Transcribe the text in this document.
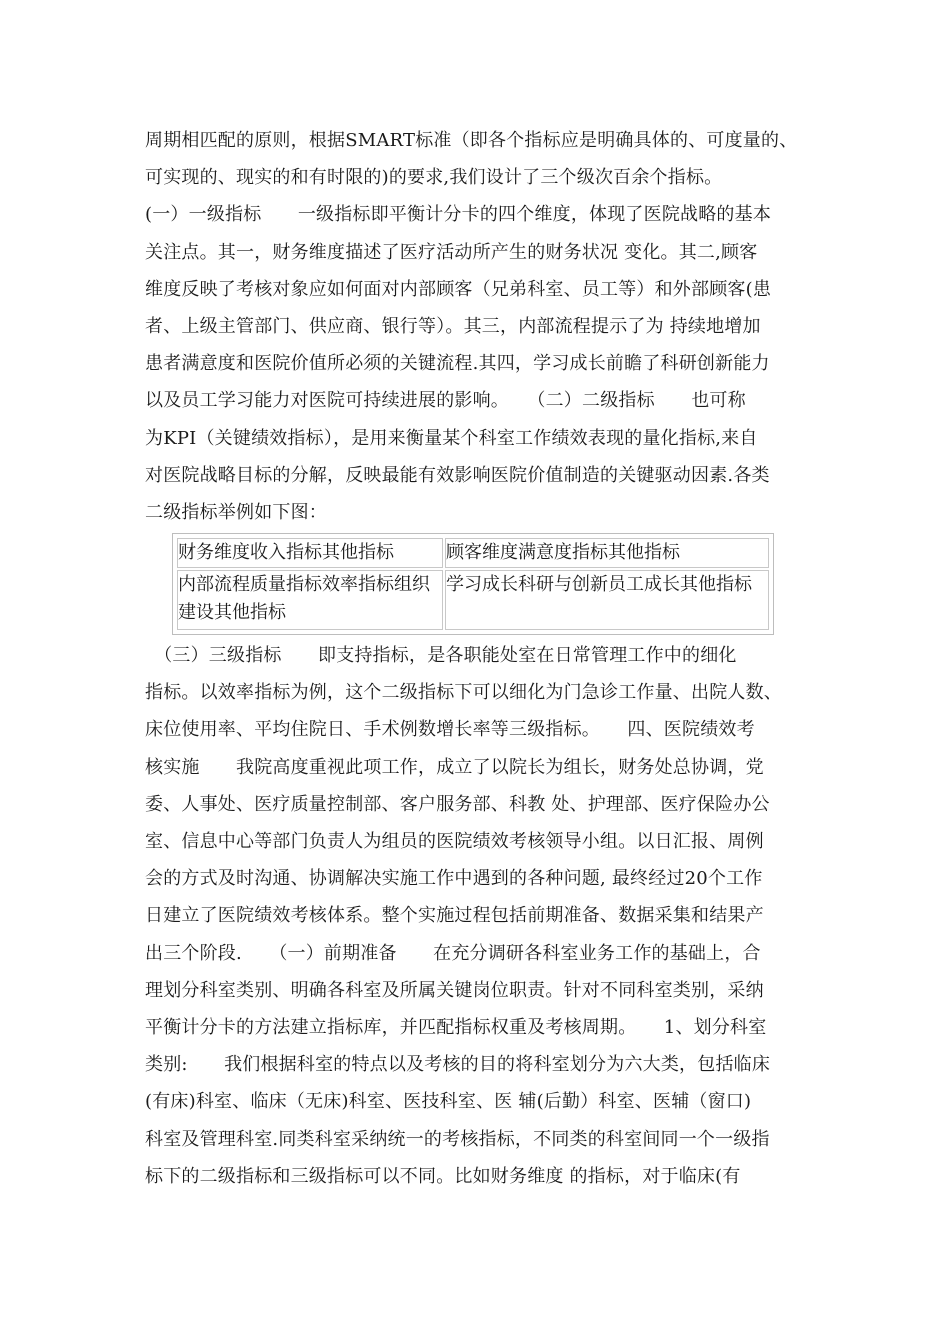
周期相匹配的原则，根据SMART标准（即各个指标应是明确具体的、可度量的、
可实现的、现实的和有时限的)的要求,我们设计了三个级次百余个指标。
(一）一级指标　　一级指标即平衡计分卡的四个维度，体现了医院战略的基本
关注点。其一，财务维度描述了医疗活动所产生的财务状况 变化。其二,顾客
维度反映了考核对象应如何面对内部顾客（兄弟科室、员工等）和外部顾客(患
者、上级主管部门、供应商、银行等）。其三，内部流程提示了为 持续地增加
患者满意度和医院价值所必须的关键流程.其四，学习成长前瞻了科研创新能力
以及员工学习能力对医院可持续进展的影响。　　（二）二级指标　　也可称
为KPI（关键绩效指标），是用来衡量某个科室工作绩效表现的量化指标,来自
对医院战略目标的分解，反映最能有效影响医院价值制造的关键驱动因素.各类
二级指标举例如下图：
财务维度收入指标其他指标	顾客维度满意度指标其他指标

内部流程质量指标效率指标组织建设其他指标	学习成长科研与创新员工成长其他指标
　（三）三级指标　　即支持指标，是各职能处室在日常管理工作中的细化
指标。以效率指标为例，这个二级指标下可以细化为门急诊工作量、出院人数、
床位使用率、平均住院日、手术例数增长率等三级指标。　　四、医院绩效考
核实施　　我院高度重视此项工作，成立了以院长为组长，财务处总协调，党
委、人事处、医疗质量控制部、客户服务部、科教 处、护理部、医疗保险办公
室、信息中心等部门负责人为组员的医院绩效考核领导小组。以日汇报、周例
会的方式及时沟通、协调解决实施工作中遇到的各种问题, 最终经过20个工作
日建立了医院绩效考核体系。整个实施过程包括前期准备、数据采集和结果产
出三个阶段.　　（一）前期准备　　在充分调研各科室业务工作的基础上，合
理划分科室类别、明确各科室及所属关键岗位职责。针对不同科室类别，采纳
平衡计分卡的方法建立指标库，并匹配指标权重及考核周期。　　1、划分科室
类别:　　我们根据科室的特点以及考核的目的将科室划分为六大类，包括临床
(有床)科室、临床（无床)科室、医技科室、医 辅(后勤）科室、医辅（窗口)
科室及管理科室.同类科室采纳统一的考核指标，不同类的科室间同一个一级指
标下的二级指标和三级指标可以不同。比如财务维度 的指标，对于临床(有
